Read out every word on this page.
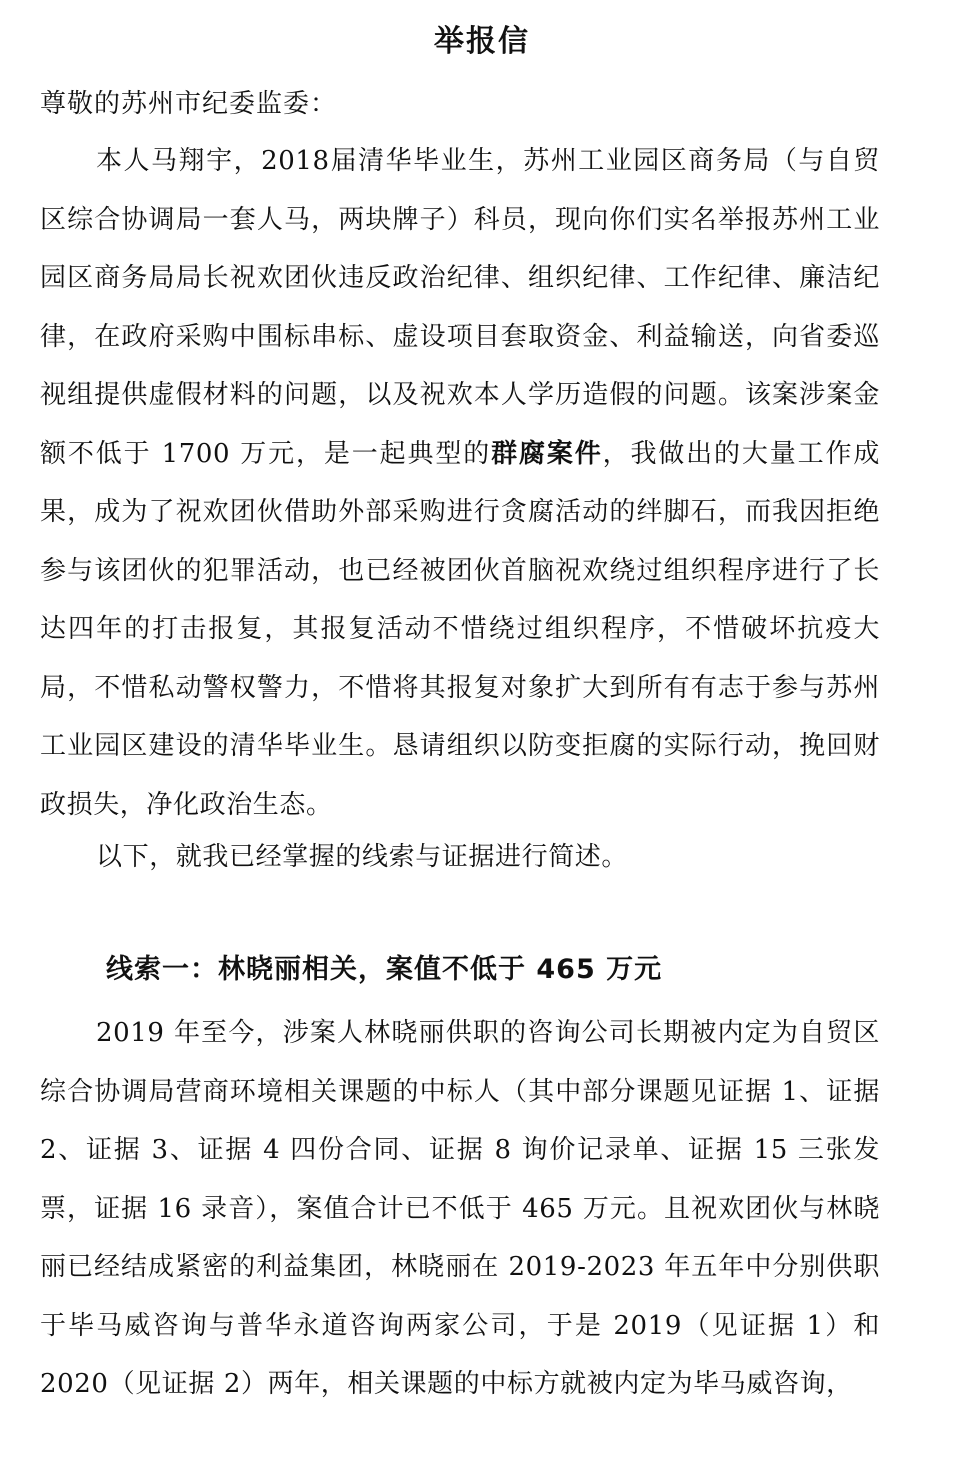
举报信
尊敬的苏州市纪委监委：

本人马翔宇，2018届清华毕业生，苏州工业园区商务局（与自贸区综合协调局一套人马，两块牌子）科员，现向你们实名举报苏州工业园区商务局局长祝欢团伙违反政治纪律、组织纪律、工作纪律、廉洁纪律，在政府采购中围标串标、虚设项目套取资金、利益输送，向省委巡视组提供虚假材料的问题，以及祝欢本人学历造假的问题。该案涉案金额不低于 1700 万元，是一起典型的群腐案件，我做出的大量工作成果，成为了祝欢团伙借助外部采购进行贪腐活动的绊脚石，而我因拒绝参与该团伙的犯罪活动，也已经被团伙首脑祝欢绕过组织程序进行了长达四年的打击报复，其报复活动不惜绕过组织程序，不惜破坏抗疫大局，不惜私动警权警力，不惜将其报复对象扩大到所有有志于参与苏州工业园区建设的清华毕业生。恳请组织以防变拒腐的实际行动，挽回财政损失，净化政治生态。

以下，就我已经掌握的线索与证据进行简述。

线索一：林晓丽相关，案值不低于 465 万元

2019 年至今，涉案人林晓丽供职的咨询公司长期被内定为自贸区综合协调局营商环境相关课题的中标人（其中部分课题见证据 1、证据 2、证据 3、证据 4 四份合同、证据 8 询价记录单、证据 15 三张发票，证据 16 录音），案值合计已不低于 465 万元。且祝欢团伙与林晓丽已经结成紧密的利益集团，林晓丽在 2019-2023 年五年中分别供职于毕马威咨询与普华永道咨询两家公司，于是 2019（见证据 1）和 2020（见证据 2）两年，相关课题的中标方就被内定为毕马威咨询，
